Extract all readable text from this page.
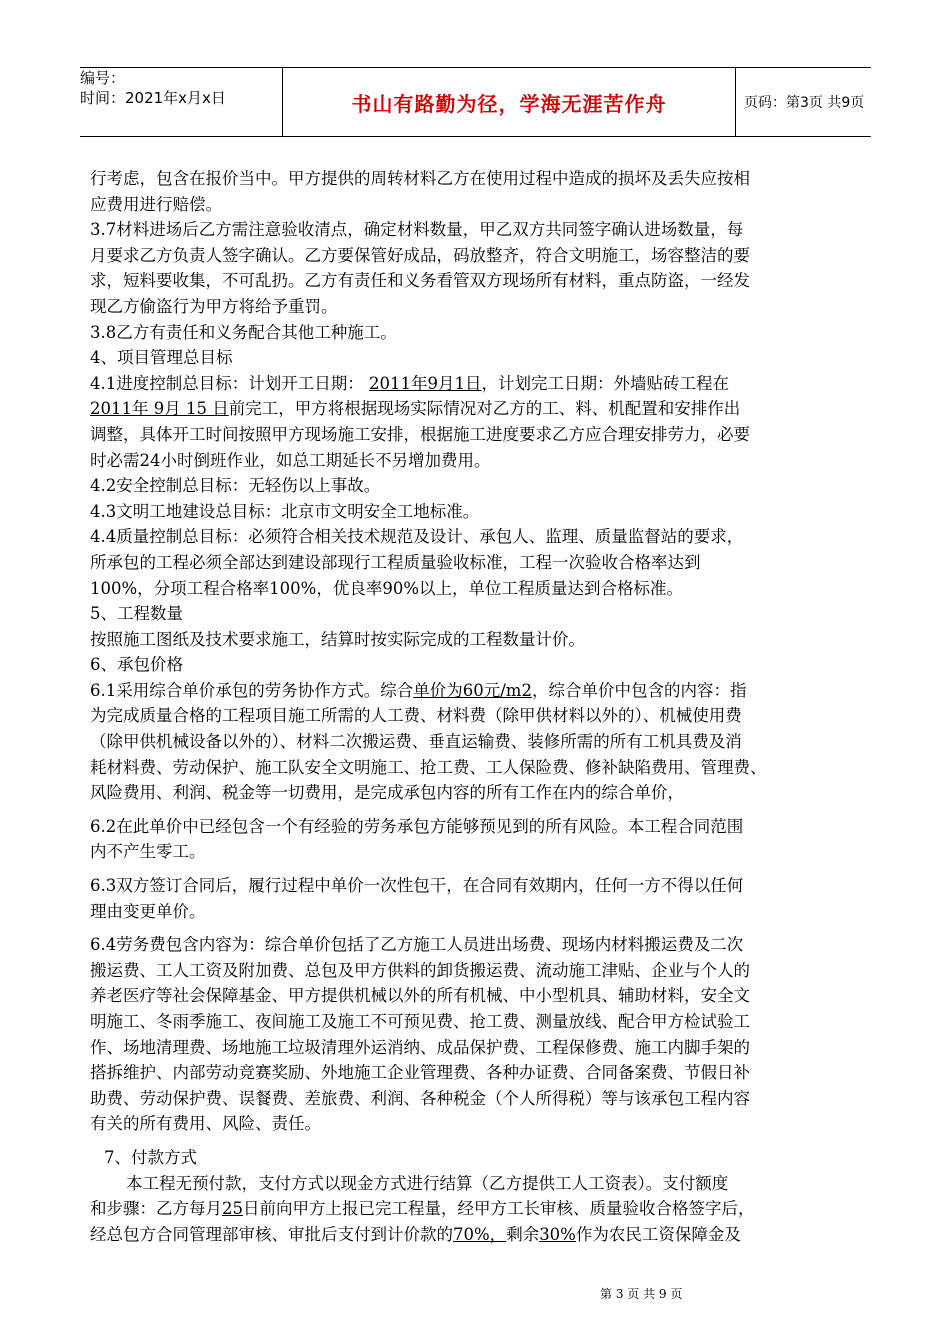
编号：
时间：2021年x月x日	书山有路勤为径，学海无涯苦作舟	页码：第3页 共9页

行考虑，包含在报价当中。甲方提供的周转材料乙方在使用过程中造成的损坏及丢失应按相

应费用进行赔偿。

3.7材料进场后乙方需注意验收清点，确定材料数量，甲乙双方共同签字确认进场数量，每

月要求乙方负责人签字确认。乙方要保管好成品，码放整齐，符合文明施工，场容整洁的要

求，短料要收集，不可乱扔。乙方有责任和义务看管双方现场所有材料，重点防盗，一经发

现乙方偷盗行为甲方将给予重罚。

3.8乙方有责任和义务配合其他工种施工。

4、项目管理总目标

4.1进度控制总目标：计划开工日期： 2011年9月1日，计划完工日期：外墙贴砖工程在

2011年 9月 15 日前完工，甲方将根据现场实际情况对乙方的工、料、机配置和安排作出

调整，具体开工时间按照甲方现场施工安排，根据施工进度要求乙方应合理安排劳力，必要

时必需24小时倒班作业，如总工期延长不另增加费用。

4.2安全控制总目标：无轻伤以上事故。

4.3文明工地建设总目标：北京市文明安全工地标准。

4.4质量控制总目标：必须符合相关技术规范及设计、承包人、监理、质量监督站的要求，

所承包的工程必须全部达到建设部现行工程质量验收标准，工程一次验收合格率达到

100%，分项工程合格率100%，优良率90%以上，单位工程质量达到合格标准。

5、工程数量

按照施工图纸及技术要求施工，结算时按实际完成的工程数量计价。

6、承包价格

6.1采用综合单价承包的劳务协作方式。综合单价为60元/m2，综合单价中包含的内容：指

为完成质量合格的工程项目施工所需的人工费、材料费（除甲供材料以外的）、机械使用费

（除甲供机械设备以外的）、材料二次搬运费、垂直运输费、装修所需的所有工机具费及消

耗材料费、劳动保护、施工队安全文明施工、抢工费、工人保险费、修补缺陷费用、管理费、

风险费用、利润、税金等一切费用，是完成承包内容的所有工作在内的综合单价，

6.2在此单价中已经包含一个有经验的劳务承包方能够预见到的所有风险。本工程合同范围

内不产生零工。

6.3双方签订合同后，履行过程中单价一次性包干，在合同有效期内，任何一方不得以任何

理由变更单价。

6.4劳务费包含内容为：综合单价包括了乙方施工人员进出场费、现场内材料搬运费及二次

搬运费、工人工资及附加费、总包及甲方供料的卸货搬运费、流动施工津贴、企业与个人的

养老医疗等社会保障基金、甲方提供机械以外的所有机械、中小型机具、辅助材料，安全文

明施工、冬雨季施工、夜间施工及施工不可预见费、抢工费、测量放线、配合甲方检试验工

作、场地清理费、场地施工垃圾清理外运消纳、成品保护费、工程保修费、施工内脚手架的

搭拆维护、内部劳动竞赛奖励、外地施工企业管理费、各种办证费、合同备案费、节假日补

助费、劳动保护费、误餐费、差旅费、利润、各种税金（个人所得税）等与该承包工程内容

有关的所有费用、风险、责任。

7、付款方式

本工程无预付款，支付方式以现金方式进行结算（乙方提供工人工资表）。支付额度

和步骤：乙方每月25日前向甲方上报已完工程量，经甲方工长审核、质量验收合格签字后，

经总包方合同管理部审核、审批后支付到计价款的70%，剩余30%作为农民工资保障金及

第 3 页 共 9 页
